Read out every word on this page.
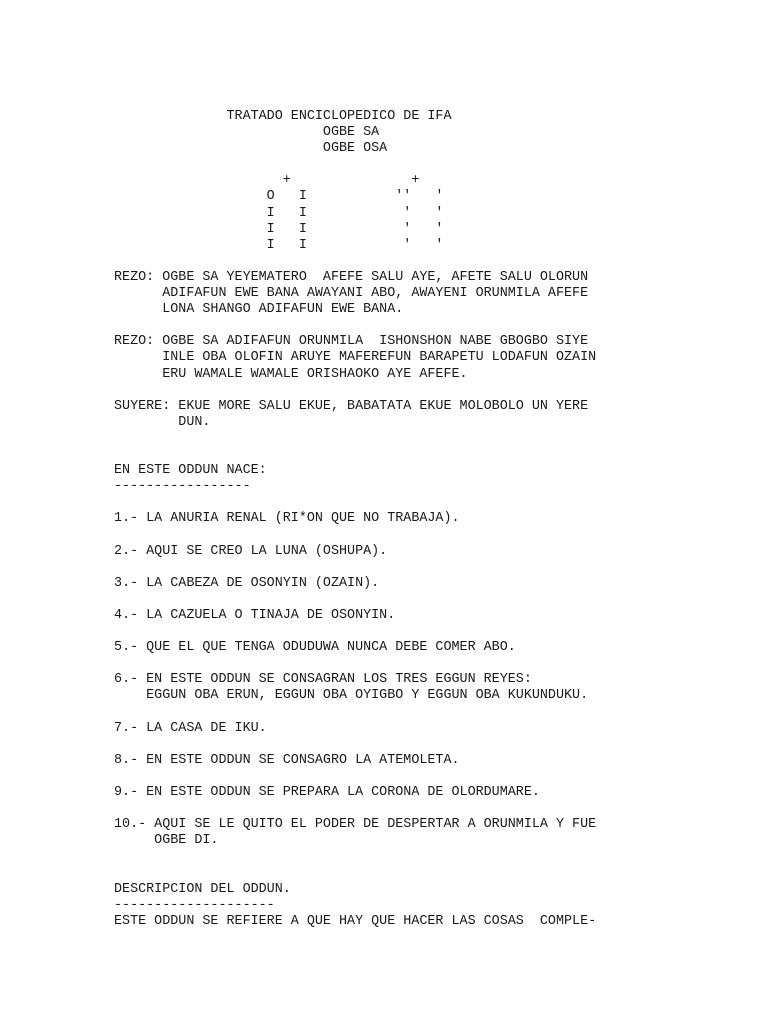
TRATADO ENCICLOPEDICO DE IFA
OGBE SA
OGBE OSA
+               +
O   I           ''   '
I   I            '   '
I   I            '   '
I   I            '   '
REZO: OGBE SA YEYEMATERO  AFEFE SALU AYE, AFETE SALU OLORUN
ADIFAFUN EWE BANA AWAYANI ABO, AWAYENI ORUNMILA AFEFE
LONA SHANGO ADIFAFUN EWE BANA.
REZO: OGBE SA ADIFAFUN ORUNMILA  ISHONSHON NABE GBOGBO SIYE
INLE OBA OLOFIN ARUYE MAFEREFUN BARAPETU LODAFUN OZAIN
ERU WAMALE WAMALE ORISHAOKO AYE AFEFE.
SUYERE: EKUE MORE SALU EKUE, BABATATA EKUE MOLOBOLO UN YERE
DUN.
EN ESTE ODDUN NACE:
-----------------
1.- LA ANURIA RENAL (RI*ON QUE NO TRABAJA).
2.- AQUI SE CREO LA LUNA (OSHUPA).
3.- LA CABEZA DE OSONYIN (OZAIN).
4.- LA CAZUELA O TINAJA DE OSONYIN.
5.- QUE EL QUE TENGA ODUDUWA NUNCA DEBE COMER ABO.
6.- EN ESTE ODDUN SE CONSAGRAN LOS TRES EGGUN REYES:
EGGUN OBA ERUN, EGGUN OBA OYIGBO Y EGGUN OBA KUKUNDUKU.
7.- LA CASA DE IKU.
8.- EN ESTE ODDUN SE CONSAGRO LA ATEMOLETA.
9.- EN ESTE ODDUN SE PREPARA LA CORONA DE OLORDUMARE.
10.- AQUI SE LE QUITO EL PODER DE DESPERTAR A ORUNMILA Y FUE
OGBE DI.
DESCRIPCION DEL ODDUN.
--------------------
ESTE ODDUN SE REFIERE A QUE HAY QUE HACER LAS COSAS  COMPLE-
